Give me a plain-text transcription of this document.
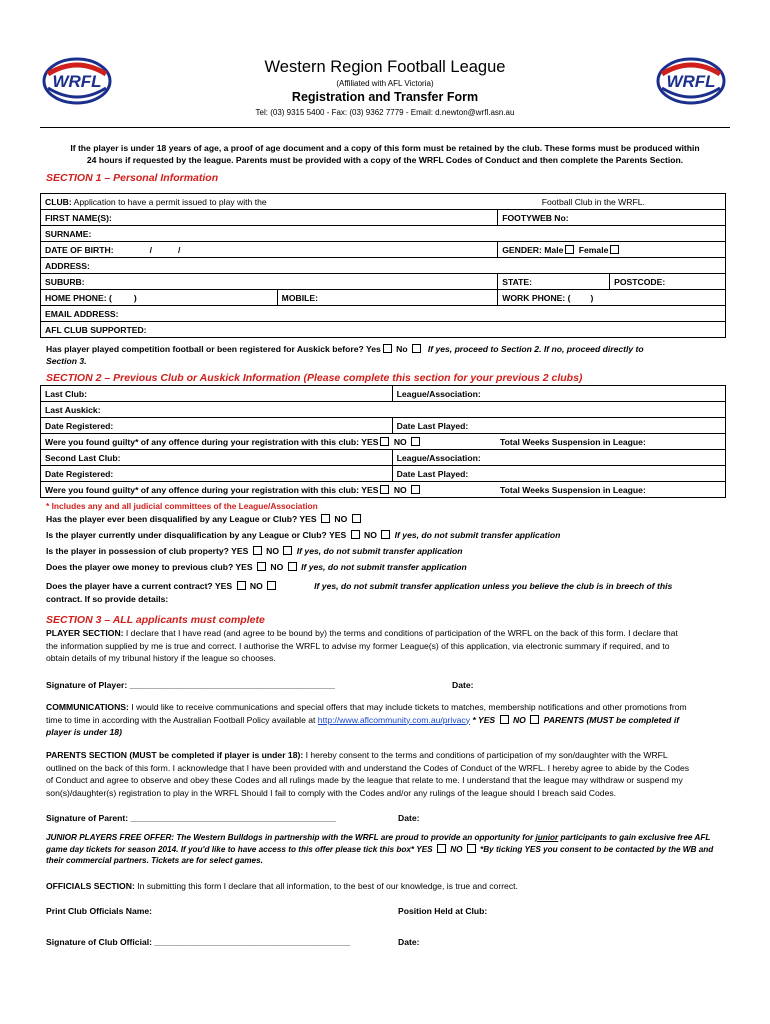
WRFL	WRFL
Western Region Football League
(Affiliated with AFL Victoria)
Registration and Transfer Form
Tel: (03) 9315 5400 - Fax: (03) 9362 7779 - Email: d.newton@wrfl.asn.au
If the player is under 18 years of age, a proof of age document and a copy of this form must be retained by the club. These forms must be produced within
24 hours if requested by the league. Parents must be provided with a copy of the WRFL Codes of Conduct and then complete the Parents Section.
SECTION 1 – Personal Information
CLUB: Application to have a permit issued to play with the		Football Club in the WRFL.	
FIRST NAME(S):		FOOTYWEB No:	
SURNAME:			
DATE OF BIRTH: / /		GENDER: Male Female	
ADDRESS:			
SUBURB:		STATE:	POSTCODE:
HOME PHONE: ( )	MOBILE:	WORK PHONE: ( )	
EMAIL ADDRESS:			
AFL CLUB SUPPORTED:			
Has player played competition football or been registered for Auskick before? Yes No If yes, proceed to Section 2. If no, proceed directly to
Section 3.
SECTION 2 – Previous Club or Auskick Information (Please complete this section for your previous 2 clubs)
Last Club:	League/Association:	
Last Auskick:		
Date Registered:	Date Last Played:	
Were you found guilty* of any offence during your registration with this club: YES NO		Total Weeks Suspension in League:
Second Last Club:	League/Association:	
Date Registered:	Date Last Played:	
Were you found guilty* of any offence during your registration with this club: YES NO		Total Weeks Suspension in League:
* Includes any and all judicial committees of the League/Association
Has the player ever been disqualified by any League or Club? YES NO
Is the player currently under disqualification by any League or Club? YES NO If yes, do not submit transfer application
Is the player in possession of club property? YES NO If yes, do not submit transfer application
Does the player owe money to previous club? YES NO If yes, do not submit transfer application
Does the player have a current contract? YES NO	If yes, do not submit transfer application unless you believe the club is in breech of this
contract. If so provide details:
SECTION 3 – ALL applicants must complete
PLAYER SECTION: I declare that I have read (and agree to be bound by) the terms and conditions of participation of the WRFL on the back of this form. I declare that
the information supplied by me is true and correct. I authorise the WRFL to advise my former League(s) of this application, via electronic summary if required, and to
obtain details of my tribunal history if the league so chooses.
Signature of Player: ___________________________________________	Date:
COMMUNICATIONS: I would like to receive communications and special offers that may include tickets to matches, membership notifications and other promotions from
time to time in according with the Australian Football Policy available at http://www.aflcommunity.com.au/privacy * YES NO PARENTS (MUST be completed if
player is under 18)
PARENTS SECTION (MUST be completed if player is under 18): I hereby consent to the terms and conditions of participation of my son/daughter with the WRFL
outlined on the back of this form. I acknowledge that I have been provided with and understand the Codes of Conduct of the WRFL. I hereby agree to abide by the Codes
of Conduct and agree to observe and obey these Codes and all rulings made by the league that relate to me. I understand that the league may withdraw or suspend my
son(s)/daughter(s) registration to play in the WRFL Should I fail to comply with the Codes and/or any rulings of the league should I breach said Codes.
Signature of Parent: ___________________________________________	Date:
JUNIOR PLAYERS FREE OFFER: The Western Bulldogs in partnership with the WRFL are proud to provide an opportunity for junior participants to gain exclusive free AFL
game day tickets for season 2014. If you'd like to have access to this offer please tick this box* YES NO *By ticking YES you consent to be contacted by the WB and
their commercial partners. Tickets are for select games.
OFFICIALS SECTION: In submitting this form I declare that all information, to the best of our knowledge, is true and correct.
Print Club Officials Name:	Position Held at Club:
Signature of Club Official: _________________________________________	Date:
